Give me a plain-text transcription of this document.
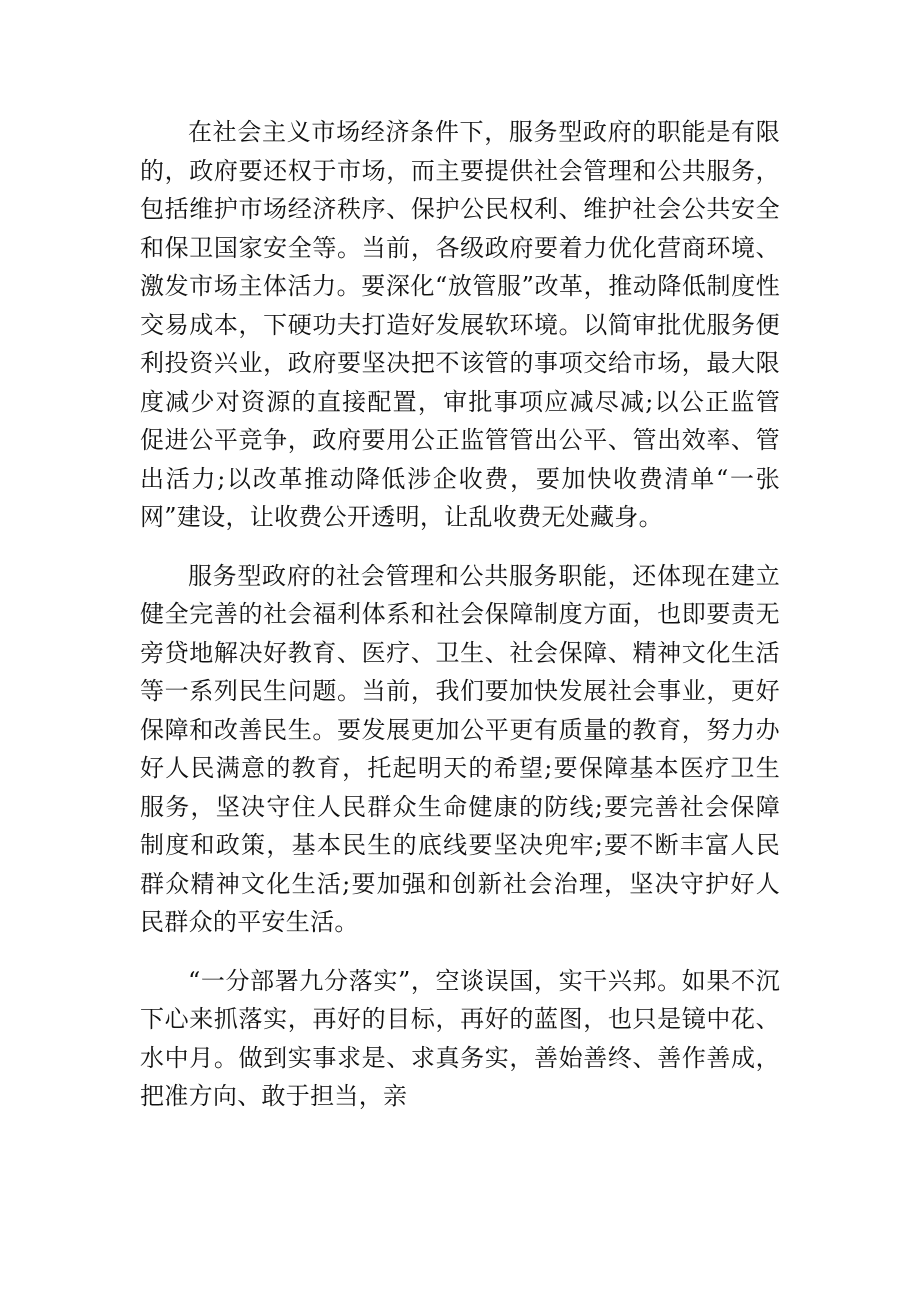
在社会主义市场经济条件下，服务型政府的职能是有限的，政府要还权于市场，而主要提供社会管理和公共服务，包括维护市场经济秩序、保护公民权利、维护社会公共安全和保卫国家安全等。当前，各级政府要着力优化营商环境、激发市场主体活力。要深化“放管服”改革，推动降低制度性交易成本，下硬功夫打造好发展软环境。以简审批优服务便利投资兴业，政府要坚决把不该管的事项交给市场，最大限度减少对资源的直接配置，审批事项应减尽减;以公正监管促进公平竞争，政府要用公正监管管出公平、管出效率、管出活力;以改革推动降低涉企收费，要加快收费清单“一张网”建设，让收费公开透明，让乱收费无处藏身。

服务型政府的社会管理和公共服务职能，还体现在建立健全完善的社会福利体系和社会保障制度方面，也即要责无旁贷地解决好教育、医疗、卫生、社会保障、精神文化生活等一系列民生问题。当前，我们要加快发展社会事业，更好保障和改善民生。要发展更加公平更有质量的教育，努力办好人民满意的教育，托起明天的希望;要保障基本医疗卫生服务，坚决守住人民群众生命健康的防线;要完善社会保障制度和政策，基本民生的底线要坚决兜牢;要不断丰富人民群众精神文化生活;要加强和创新社会治理，坚决守护好人民群众的平安生活。

“一分部署九分落实”，空谈误国，实干兴邦。如果不沉下心来抓落实，再好的目标，再好的蓝图，也只是镜中花、水中月。做到实事求是、求真务实，善始善终、善作善成，把准方向、敢于担当，亲
